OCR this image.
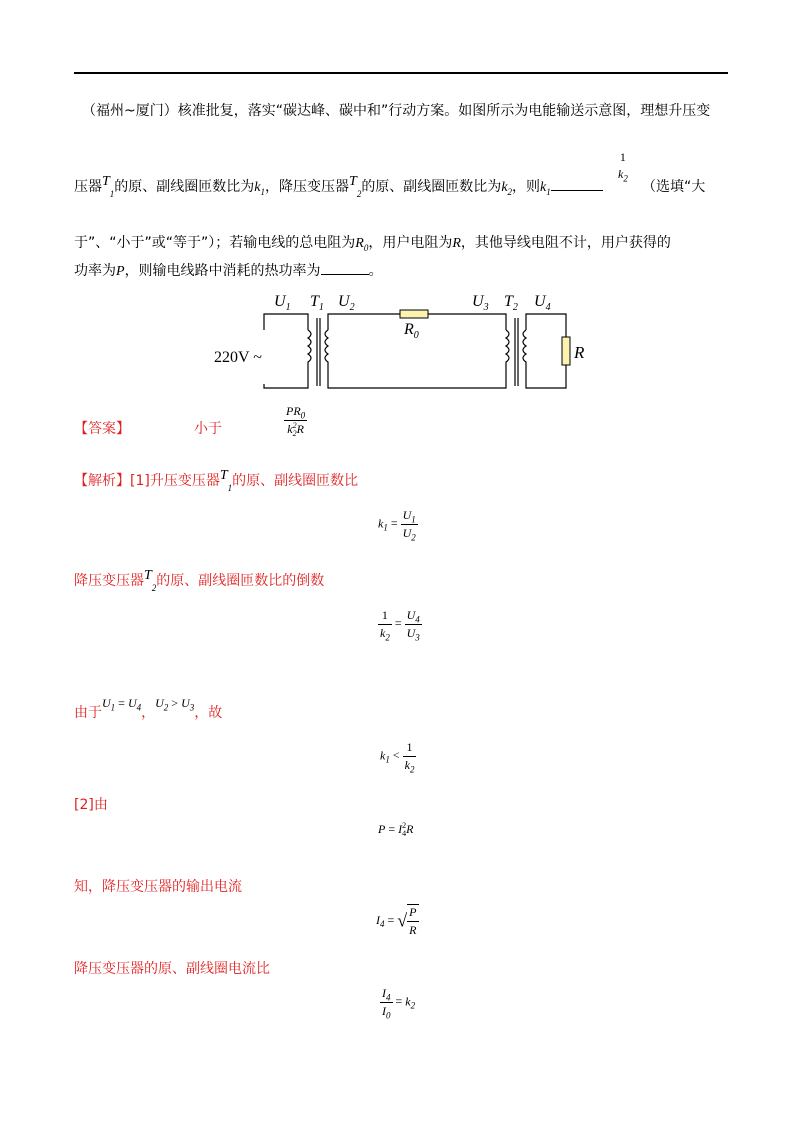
（福州~厦门）核准批复，落实“碳达峰、碳中和”行动方案。如图所示为电能输送示意图，理想升压变
压器$T_1$的原、副线圈匝数比为$k_1$，降压变压器$T_2$的原、副线圈匝数比为$k_2$，则$k_1$
1
$k_2$
（选填“大
于”、“小于”或“等于”）；若输电线的总电阻为$R_0$，用户电阻为R，其他导线电阻不计，用户获得的
功率为P，则输电线路中消耗的热功率为	。
220V ~
$U_1$ $T_1$ $U_2$
$R_0$
$U_3$ $T_2$ $U_4$
R
【答案】	小于	$PR_0$
k 2
2 R
【解析】[1]升压变压器$T_1$的原、副线圈匝数比
$k_1 = \frac{U_1}{U_2}$
降压变压器$T_2$的原、副线圈匝数比的倒数
$\frac{1}{k_2} = \frac{U_4}{U_3}$
由于$U_1 = U_4$，$U_2 > U_3$，故
$k_1 < \frac{1}{k_2}$
[2]由
P = I 2
4 R
知，降压变压器的输出电流
$I_4$ = √ $\frac{P}{R}$
降压变压器的原、副线圈电流比
$\frac{I_4}{I_0} = k_2$
